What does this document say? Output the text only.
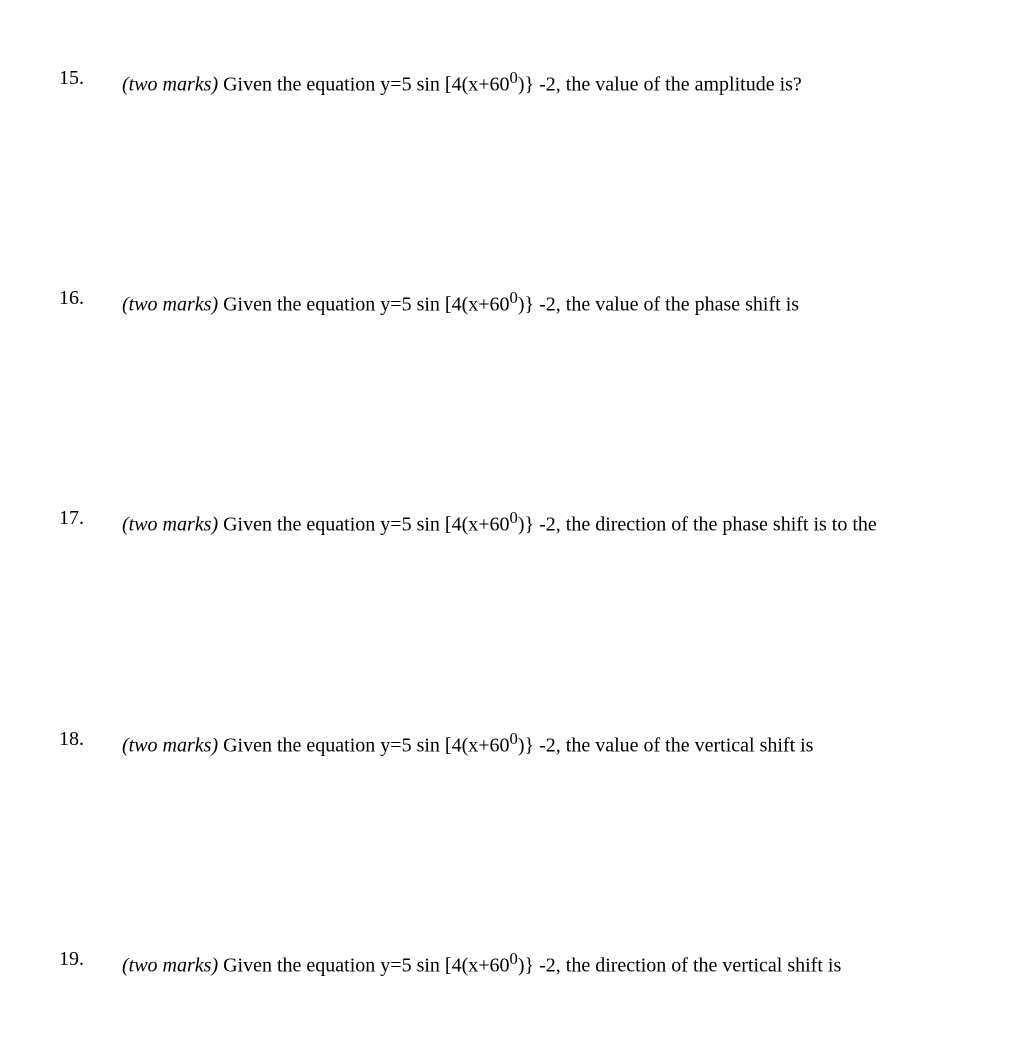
15. (two marks) Given the equation y=5 $\sin [4(x+60^0)\}$ -2, the value of the amplitude is?
16. (two marks) Given the equation y=5 $\sin [4(x+60^0)\}$ -2, the value of the phase shift is
17. (two marks) Given the equation y=5 $\sin [4(x+60^0)\}$ -2, the direction of the phase shift is to the
18. (two marks) Given the equation y=5 $\sin [4(x+60^0)\}$ -2, the value of the vertical shift is
19. (two marks) Given the equation y=5 $\sin [4(x+60^0)\}$ -2, the direction of the vertical shift is
